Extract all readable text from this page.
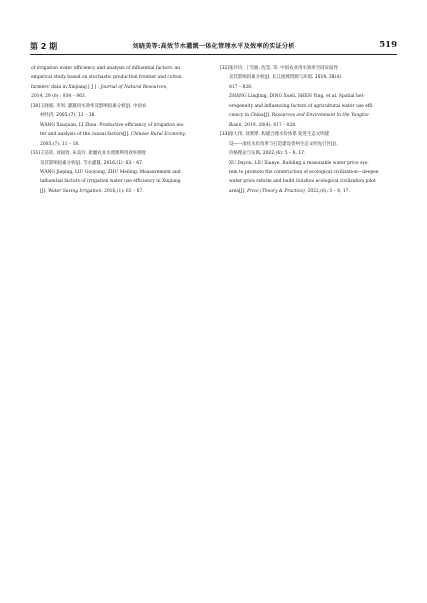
第 2 期	刘晓美等:高效节水灌溉一体化管理水平及效率的实证分析	519
of irrigation water efficiency and analysis of influential factors: an
empirical study based on stochastic production frontier and cotton
farmers' data in Xinjiang [ J ] . Journal of Natural Resources,
2014, 29 (6) : 934 – 963.
[30]王晓娟, 李周. 灌溉用水效率及影响因素分析[J]. 中国农
村经济, 2005,(7): 11 – 18.
WANG Xiaojuan, LI Zhou. Productive efficiency of irrigation wa-
ter and analysis of the causal factors[J]. Chinese Rural Economy,
2005,(7): 11 – 18.
[31]王洁萍, 刘国勇, 朱美玲. 新疆农业水资源利用效率测度
及其影响因素分析[J]. 节水灌溉, 2016,(1): 63 – 67.
WANG Jieping, LIU Guoyong, ZHU Meiling. Measurement and
influential factors of irrigation water use efficiency in Xinjiang
[J]. Water Saving Irrigation, 2016,(1): 63 – 67.
[32]张玲玲, 丁雪丽, 沈莹, 等. 中国农业用水效率空间异质性
及其影响因素分析[J]. 长江流域资源与环境, 2019, 28(4):
817 – 828.
ZHANG Lingling, DING Xueli, SHEN Ying, et al. Spatial het-
erogeneity and influencing factors of agricultural water use effi-
ciency in China[J]. Resources and Environment in the Yangtze
Basin, 2019, 28(4): 817 – 828.
[33]徐大伟, 刘贤铧. 构建合理水价体系 促进生态文明建
设——深化水价改革与打造建设贵州生态文明先行区[J].
价格理论与实践, 2022,(6): 5 – 6, 17.
XU Dayou, LIU Xianye. Building a reasonable water price sys-
tem to promote the construction of ecological civilization—deepen
water price reform and build Guizhou ecological civilization pilot
area[J]. Price (Theory & Practice), 2022,(6): 5 – 6, 17.
